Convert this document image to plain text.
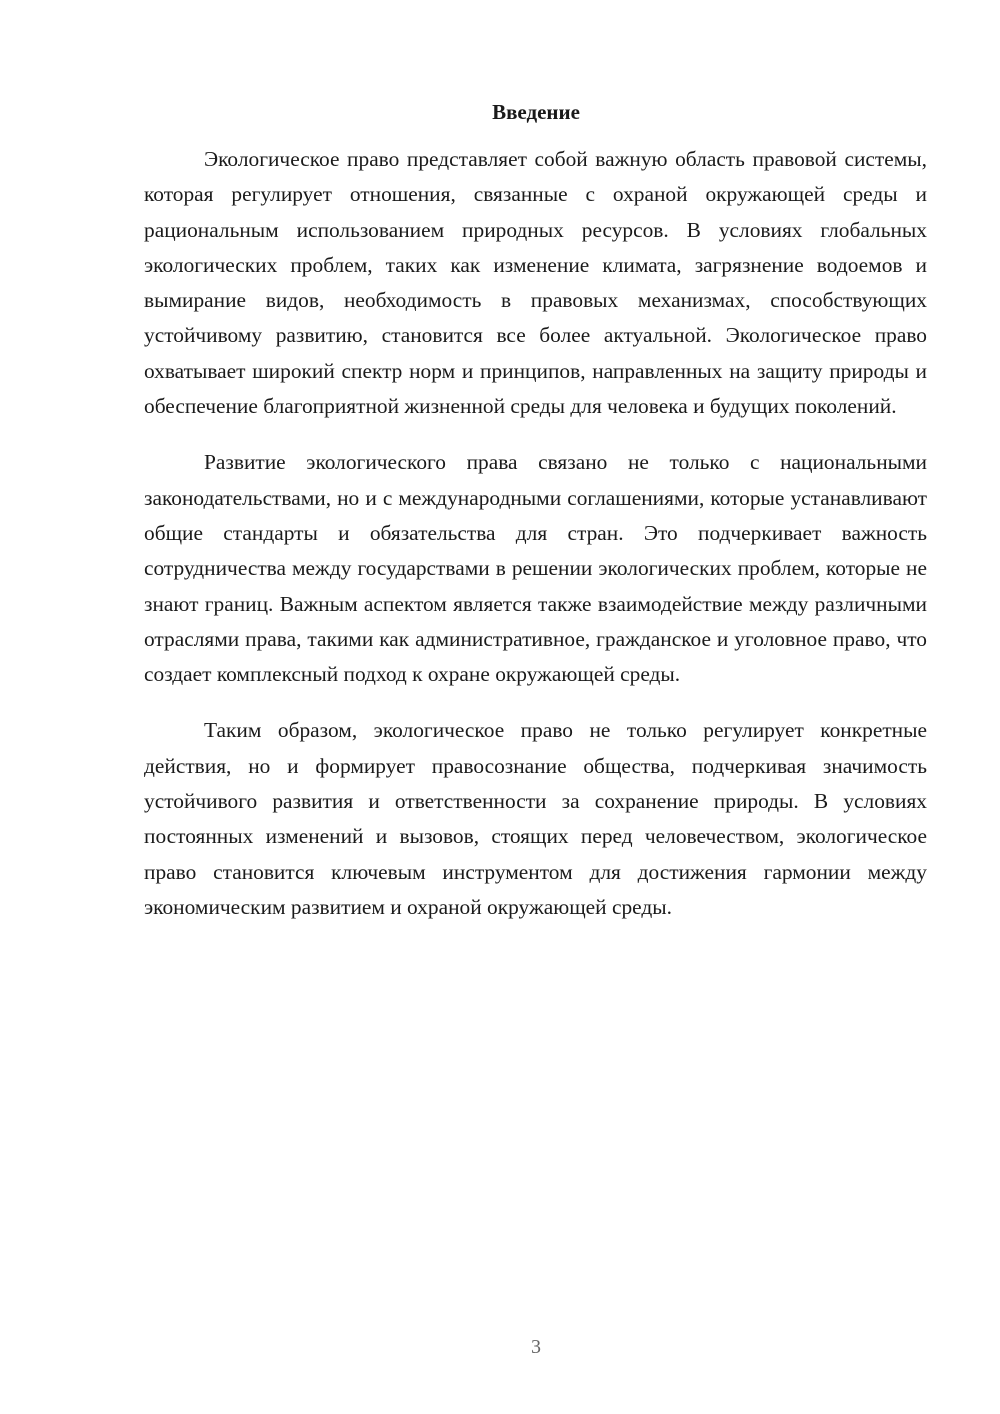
Введение

Экологическое право представляет собой важную область правовой системы, которая регулирует отношения, связанные с охраной окружающей среды и рациональным использованием природных ресурсов. В условиях глобальных экологических проблем, таких как изменение климата, загрязнение водоемов и вымирание видов, необходимость в правовых механизмах, способствующих устойчивому развитию, становится все более актуальной. Экологическое право охватывает широкий спектр норм и принципов, направленных на защиту природы и обеспечение благоприятной жизненной среды для человека и будущих поколений.

Развитие экологического права связано не только с национальными законодательствами, но и с международными соглашениями, которые устанавливают общие стандарты и обязательства для стран. Это подчеркивает важность сотрудничества между государствами в решении экологических проблем, которые не знают границ. Важным аспектом является также взаимодействие между различными отраслями права, такими как административное, гражданское и уголовное право, что создает комплексный подход к охране окружающей среды.

Таким образом, экологическое право не только регулирует конкретные действия, но и формирует правосознание общества, подчеркивая значимость устойчивого развития и ответственности за сохранение природы. В условиях постоянных изменений и вызовов, стоящих перед человечеством, экологическое право становится ключевым инструментом для достижения гармонии между экономическим развитием и охраной окружающей среды.

3
